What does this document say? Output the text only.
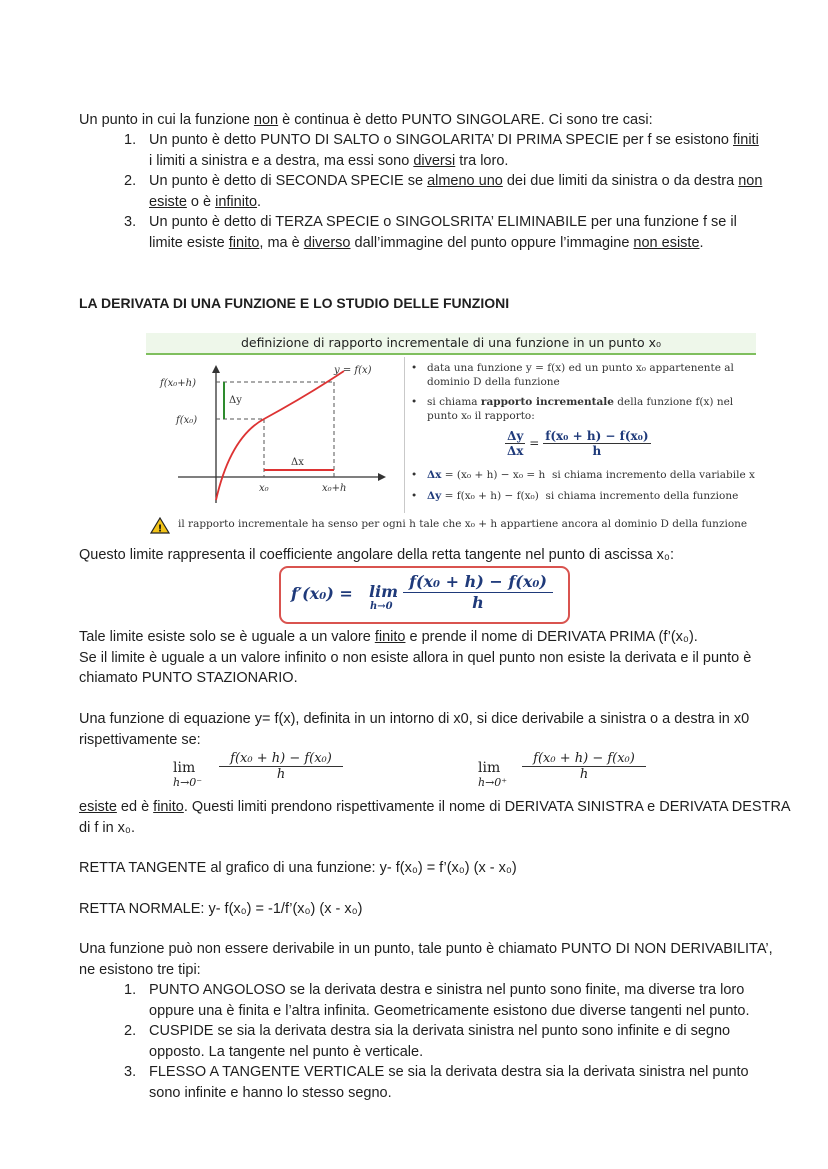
Un punto in cui la funzione non è continua è detto PUNTO SINGOLARE. Ci sono tre casi:
1. Un punto è detto PUNTO DI SALTO o SINGOLARITA’ DI PRIMA SPECIE per f se esistono finiti i limiti a sinistra e a destra, ma essi sono diversi tra loro.
2. Un punto è detto di SECONDA SPECIE se almeno uno dei due limiti da sinistra o da destra non esiste o è infinito.
3. Un punto è detto di TERZA SPECIE o SINGOLSRITA’ ELIMINABILE per una funzione f se il limite esiste finito, ma è diverso dall’immagine del punto oppure l’immagine non esiste.
LA DERIVATA DI UNA FUNZIONE E LO STUDIO DELLE FUNZIONI
definizione di rapporto incrementale di una funzione in un punto x₀
f(x₀+h)
f(x₀)
Δy
Δx
y = f(x)
x₀	x₀+h
• data una funzione y = f(x) ed un punto x₀ appartenente al dominio D della funzione
• si chiama rapporto incrementale della funzione f(x) nel punto x₀ il rapporto:
$\frac{\Delta y}{\Delta x} = \frac{\text{f(x₀ + h) − f(x₀)}}{h}$
• Δx = (x₀ + h) − x₀ = h si chiama incremento della variabile x
• Δy = f(x₀ + h) − f(x₀) si chiama incremento della funzione
! il rapporto incrementale ha senso per ogni h tale che x₀ + h appartiene ancora al dominio D della funzione
Questo limite rappresenta il coefficiente angolare della retta tangente nel punto di ascissa x₀:
f′(x₀) = lim
$h\to 0 \frac{\text{f(x₀ + h) − f(x₀)}}{h}$
Tale limite esiste solo se è uguale a un valore finito e prende il nome di DERIVATA PRIMA (f’(x₀).
Se il limite è uguale a un valore infinito o non esiste allora in quel punto non esiste la derivata e il punto è chiamato PUNTO STAZIONARIO.
Una funzione di equazione y= f(x), definita in un intorno di x0, si dice derivabile a sinistra o a destra in x0 rispettivamente se:
lim
h→0⁻
$\frac{\text{f(x₀ + h) − f(x₀)}}{h}$	lim
h→0⁺
$\frac{\text{f(x₀ + h) − f(x₀)}}{h}$
esiste ed è finito. Questi limiti prendono rispettivamente il nome di DERIVATA SINISTRA e DERIVATA DESTRA di f in x₀.
RETTA TANGENTE al grafico di una funzione: y- f(x₀) = f’(x₀) (x - x₀)
RETTA NORMALE: y- f(x₀) = -1/f’(x₀) (x - x₀)
Una funzione può non essere derivabile in un punto, tale punto è chiamato PUNTO DI NON DERIVABILITA’, ne esistono tre tipi:
1. PUNTO ANGOLOSO se la derivata destra e sinistra nel punto sono finite, ma diverse tra loro oppure una è finita e l’altra infinita. Geometricamente esistono due diverse tangenti nel punto.
2. CUSPIDE se sia la derivata destra sia la derivata sinistra nel punto sono infinite e di segno opposto. La tangente nel punto è verticale.
3. FLESSO A TANGENTE VERTICALE se sia la derivata destra sia la derivata sinistra nel punto sono infinite e hanno lo stesso segno.
